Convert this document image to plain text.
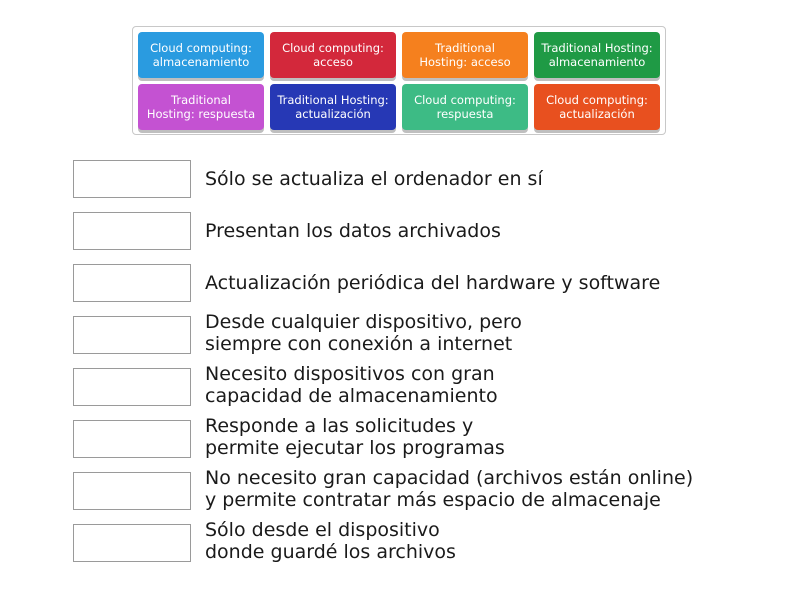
Cloud computing:
almacenamiento
Cloud computing:
acceso
Traditional
Hosting: acceso
Traditional Hosting:
almacenamiento
Traditional
Hosting: respuesta
Traditional Hosting:
actualización
Cloud computing:
respuesta
Cloud computing:
actualización
Sólo se actualiza el ordenador en sí
Presentan los datos archivados
Actualización periódica del hardware y software
Desde cualquier dispositivo, pero
siempre con conexión a internet
Necesito dispositivos con gran
capacidad de almacenamiento
Responde a las solicitudes y
permite ejecutar los programas
No necesito gran capacidad (archivos están online)
y permite contratar más espacio de almacenaje
Sólo desde el dispositivo
donde guardé los archivos
